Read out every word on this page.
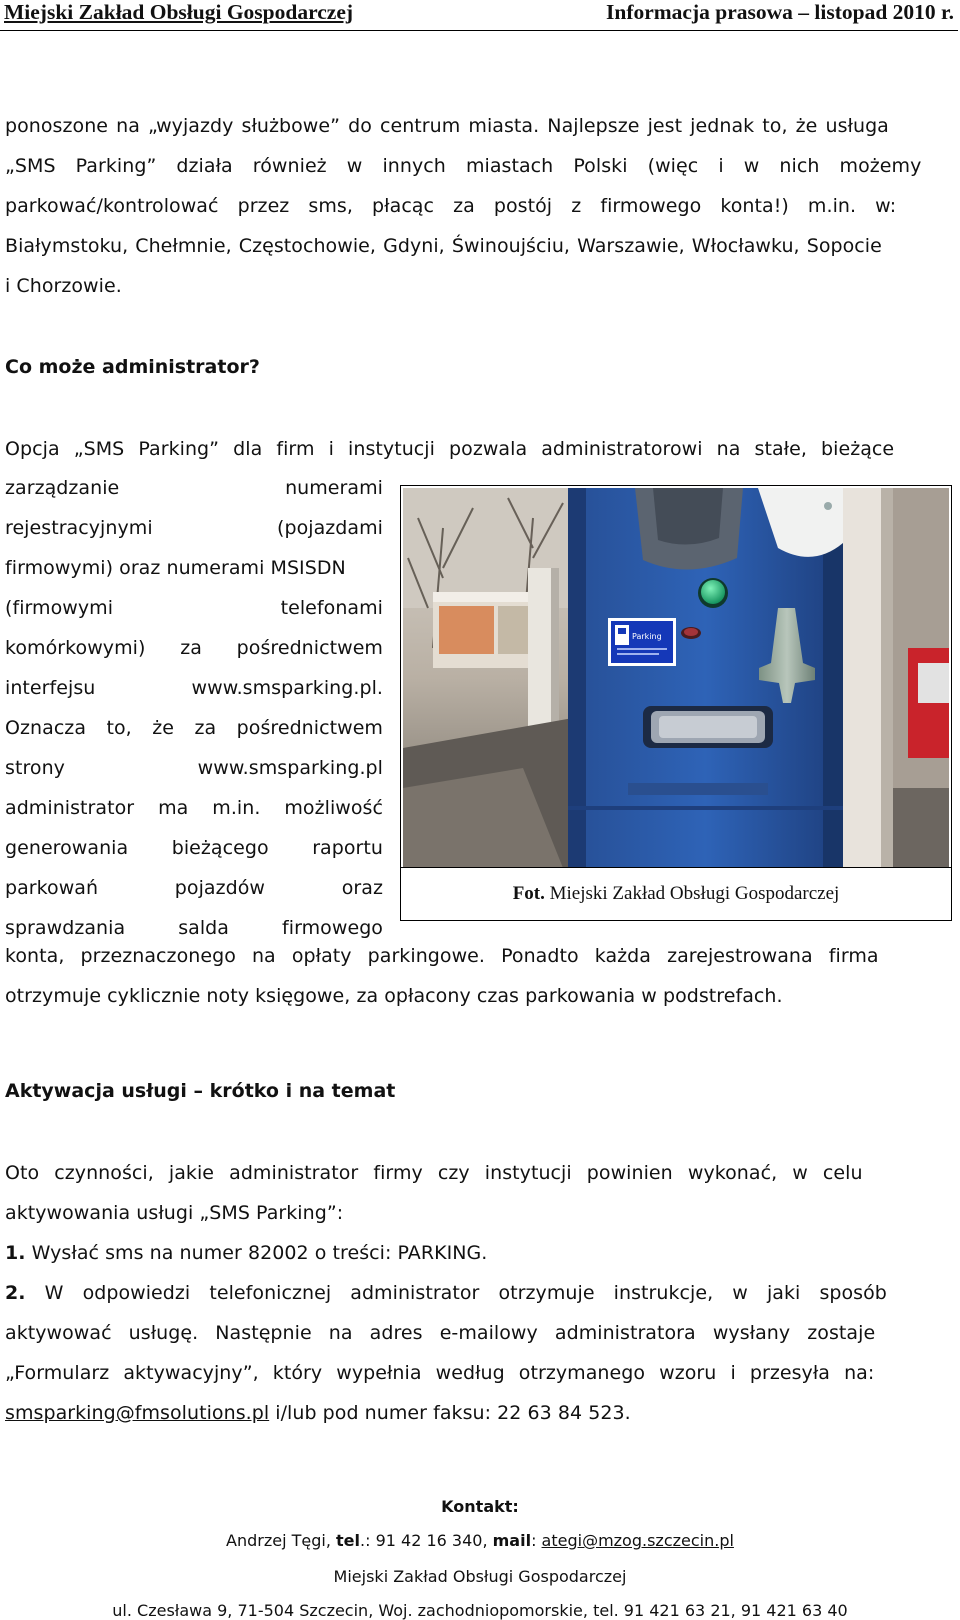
Miejski Zakład Obsługi Gospodarczej	Informacja prasowa – listopad 2010 r.
ponoszone na „wyjazdy służbowe” do centrum miasta. Najlepsze jest jednak to, że usługa
„SMS Parking” działa również w innych miastach Polski (więc i w nich możemy
parkować/kontrolować przez sms, płacąc za postój z firmowego konta!) m.in. w:
Białymstoku, Chełmnie, Częstochowie, Gdyni, Świnoujściu, Warszawie, Włocławku, Sopocie
i Chorzowie.
Co może administrator?
Opcja „SMS Parking” dla firm i instytucji pozwala administratorowi na stałe, bieżące
zarządzanie	numerami
rejestracyjnymi	(pojazdami
firmowymi) oraz numerami MSISDN
(firmowymi	telefonami
komórkowymi) za pośrednictwem
interfejsu	www.smsparking.pl.
Oznacza to, że za pośrednictwem
strony	www.smsparking.pl
administrator ma m.in. możliwość
generowania bieżącego raportu
parkowań	pojazdów	oraz
sprawdzania	salda	firmowego
Parking
Fot. Miejski Zakład Obsługi Gospodarczej
konta, przeznaczonego na opłaty parkingowe. Ponadto każda zarejestrowana firma
otrzymuje cyklicznie noty księgowe, za opłacony czas parkowania w podstrefach.
Aktywacja usługi – krótko i na temat
Oto czynności, jakie administrator firmy czy instytucji powinien wykonać, w celu
aktywowania usługi „SMS Parking”:
1. Wysłać sms na numer 82002 o treści: PARKING.
2. W odpowiedzi telefonicznej administrator otrzymuje instrukcje, w jaki sposób
aktywować usługę. Następnie na adres e-mailowy administratora wysłany zostaje
„Formularz aktywacyjny”, który wypełnia według otrzymanego wzoru i przesyła na:
smsparking@fmsolutions.pl i/lub pod numer faksu: 22 63 84 523.
Kontakt:
Andrzej Tęgi, tel.: 91 42 16 340, mail: ategi@mzog.szczecin.pl
Miejski Zakład Obsługi Gospodarczej
ul. Czesława 9, 71-504 Szczecin, Woj. zachodniopomorskie, tel. 91 421 63 21, 91 421 63 40
